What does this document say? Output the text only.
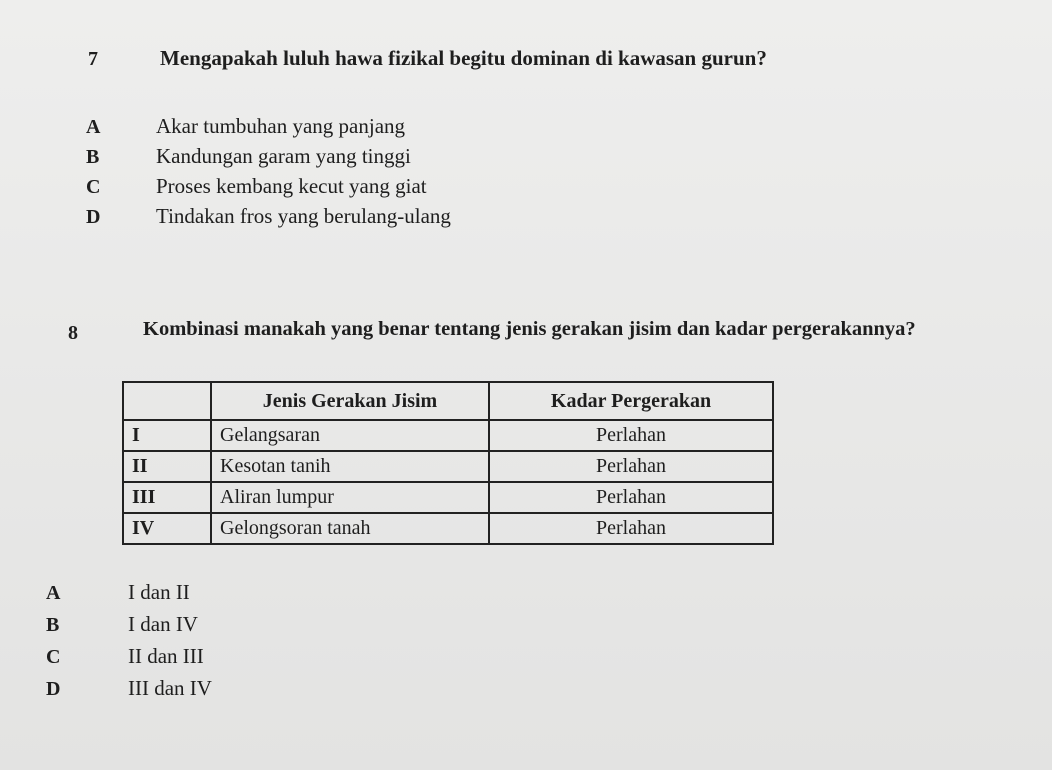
7	Mengapakah luluh hawa fizikal begitu dominan di kawasan gurun?
A	Akar tumbuhan yang panjang
B	Kandungan garam yang tinggi
C	Proses kembang kecut yang giat
D	Tindakan fros yang berulang-ulang
8	Kombinasi manakah yang benar tentang jenis gerakan jisim dan kadar pergerakannya?
	Jenis Gerakan Jisim	Kadar Pergerakan
I	Gelangsaran	Perlahan
II	Kesotan tanih	Perlahan
III	Aliran lumpur	Perlahan
IV	Gelongsoran tanah	Perlahan
A	I dan II
B	I dan IV
C	II dan III
D	III dan IV
